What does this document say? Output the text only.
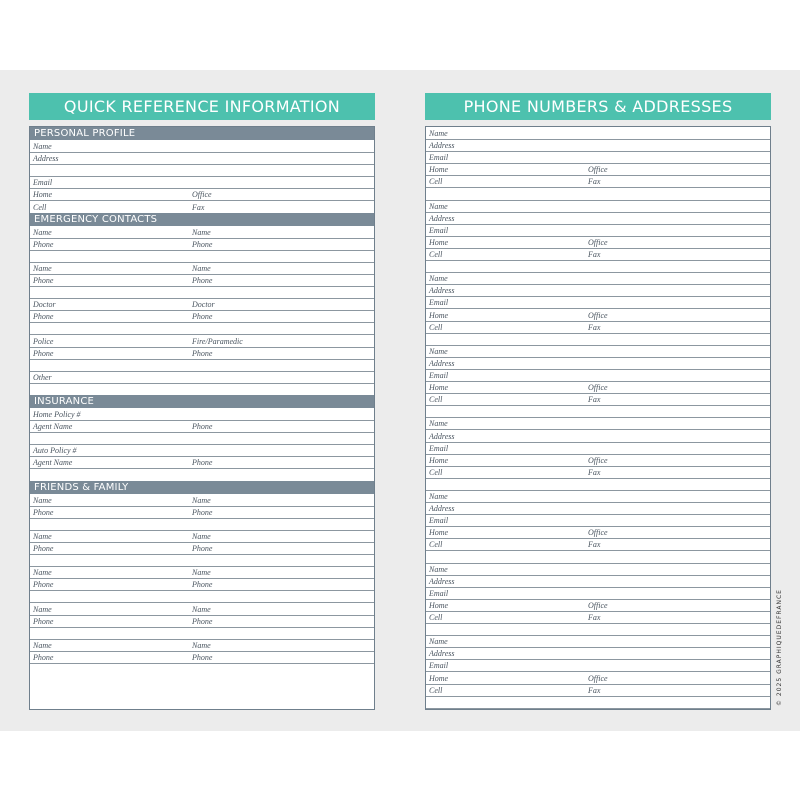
QUICK REFERENCE INFORMATION
PERSONAL PROFILE
Name
Address
Email
Home	Office
Cell	Fax
EMERGENCY CONTACTS
Name	Name
Phone	Phone
Name	Name
Phone	Phone
Doctor	Doctor
Phone	Phone
Police	Fire/Paramedic
Phone	Phone
Other
INSURANCE
Home Policy #
Agent Name	Phone
Auto Policy #
Agent Name	Phone
FRIENDS & FAMILY
Name	Name
Phone	Phone
Name	Name
Phone	Phone
Name	Name
Phone	Phone
Name	Name
Phone	Phone
Name	Name
Phone	Phone
PHONE NUMBERS & ADDRESSES
Name
Address
Email
Home	Office
Cell	Fax
Name
Address
Email
Home	Office
Cell	Fax
Name
Address
Email
Home	Office
Cell	Fax
Name
Address
Email
Home	Office
Cell	Fax
Name
Address
Email
Home	Office
Cell	Fax
Name
Address
Email
Home	Office
Cell	Fax
Name
Address
Email
Home	Office
Cell	Fax
Name
Address
Email
Home	Office
Cell	Fax	© 2025 GRAPHIQUEDEFRANCE
